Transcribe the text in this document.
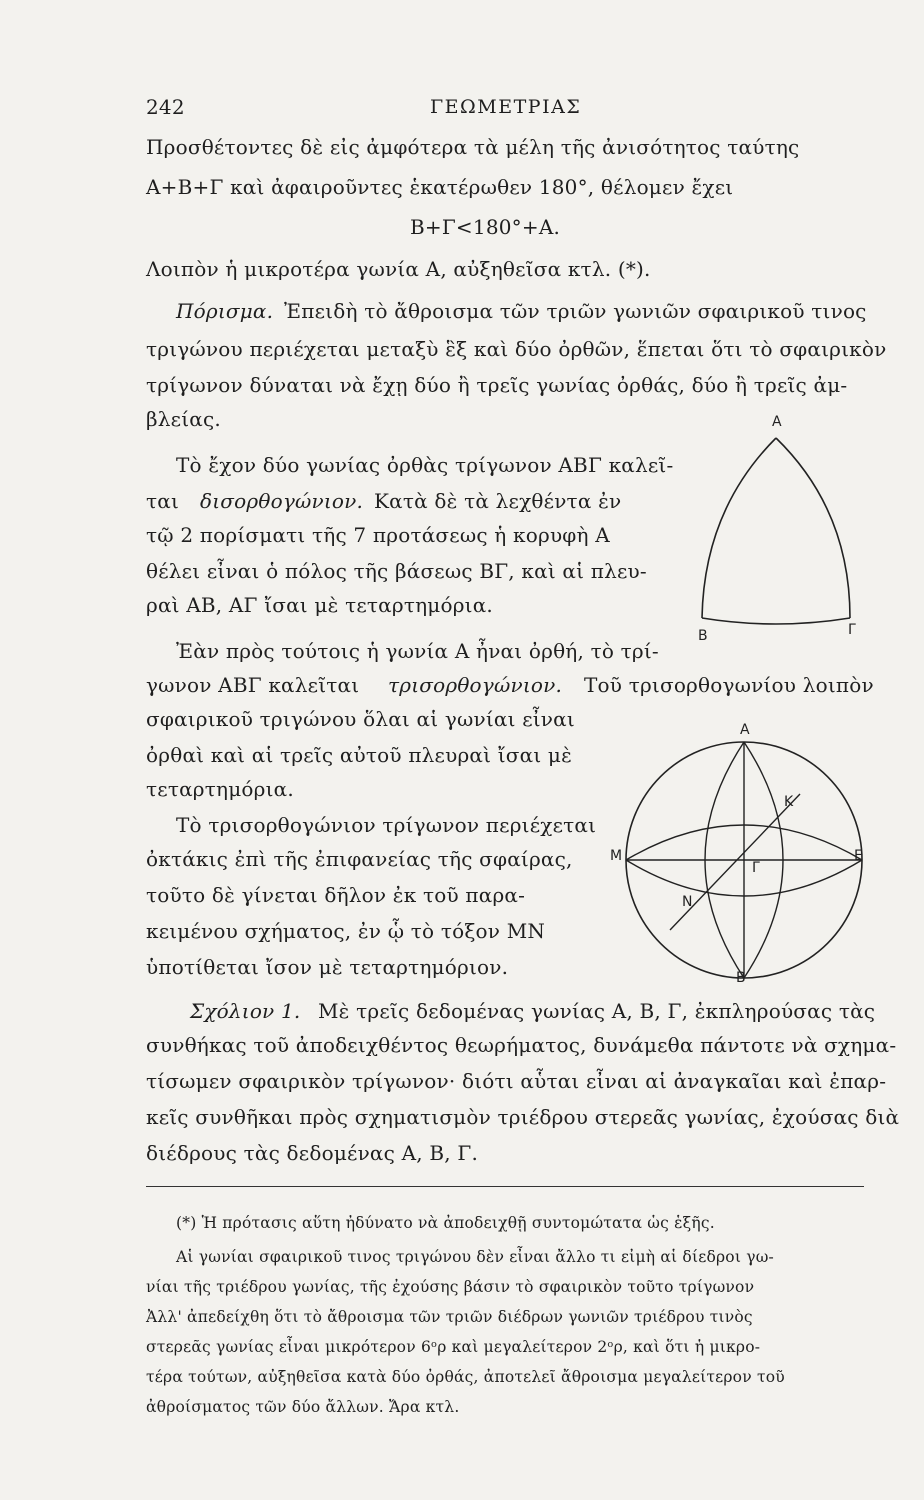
242	ΓΕΩΜΕΤΡΙΑΣ
Προσθέτοντες δὲ εἰς ἀμφότερα τὰ μέλη τῆς ἀνισότητος ταύτης
Α+Β+Γ καὶ ἀφαιροῦντες ἑκατέρωθεν 180°, θέλομεν ἔχει
Β+Γ<180°+Α.
Λοιπὸν ἡ μικροτέρα γωνία Α, αὐξηθεῖσα κτλ. (*).
Πόρισμα. Ἐπειδὴ τὸ ἄθροισμα τῶν τριῶν γωνιῶν σφαιρικοῦ τινος
τριγώνου περιέχεται μεταξὺ ἓξ καὶ δύο ὀρθῶν, ἕπεται ὅτι τὸ σφαιρικὸν
τρίγωνον δύναται νὰ ἔχῃ δύο ἢ τρεῖς γωνίας ὀρθάς, δύο ἢ τρεῖς ἀμ-
βλείας.
Τὸ ἔχον δύο γωνίας ὀρθὰς τρίγωνον ΑΒΓ καλεῖ-
ται δισορθογώνιον. Κατὰ δὲ τὰ λεχθέντα ἐν
τῷ 2 πορίσματι τῆς 7 προτάσεως ἡ κορυφὴ Α
θέλει εἶναι ὁ πόλος τῆς βάσεως ΒΓ, καὶ αἱ πλευ-
ραὶ ΑΒ, ΑΓ ἴσαι μὲ τεταρτημόρια.
Ἐὰν πρὸς τούτοις ἡ γωνία Α ἦναι ὀρθή, τὸ τρί-
γωνον ΑΒΓ καλεῖται τρισορθογώνιον. Τοῦ τρισορθογωνίου λοιπὸν
σφαιρικοῦ τριγώνου ὅλαι αἱ γωνίαι εἶναι
ὀρθαὶ καὶ αἱ τρεῖς αὐτοῦ πλευραὶ ἴσαι μὲ
τεταρτημόρια.
Τὸ τρισορθογώνιον τρίγωνον περιέχεται
ὀκτάκις ἐπὶ τῆς ἐπιφανείας τῆς σφαίρας,
τοῦτο δὲ γίνεται δῆλον ἐκ τοῦ παρα-
κειμένου σχήματος, ἐν ᾧ τὸ τόξον ΜΝ
ὑποτίθεται ἴσον μὲ τεταρτημόριον.
Σχόλιον 1. Μὲ τρεῖς δεδομένας γωνίας Α, Β, Γ, ἐκπληρούσας τὰς
συνθήκας τοῦ ἀποδειχθέντος θεωρήματος, δυνάμεθα πάντοτε νὰ σχημα-
τίσωμεν σφαιρικὸν τρίγωνον· διότι αὗται εἶναι αἱ ἀναγκαῖαι καὶ ἐπαρ-
κεῖς συνθῆκαι πρὸς σχηματισμὸν τριέδρου στερεᾶς γωνίας, ἐχούσας διὰ
διέδρους τὰς δεδομένας Α, Β, Γ.
(*) Ἡ πρότασις αὕτη ἠδύνατο νὰ ἀποδειχθῇ συντομώτατα ὡς ἑξῆς.
Αἱ γωνίαι σφαιρικοῦ τινος τριγώνου δὲν εἶναι ἄλλο τι εἰμὴ αἱ δίεδροι γω-
νίαι τῆς τριέδρου γωνίας, τῆς ἐχούσης βάσιν τὸ σφαιρικὸν τοῦτο τρίγωνον
Ἀλλ' ἀπεδείχθη ὅτι τὸ ἄθροισμα τῶν τριῶν διέδρων γωνιῶν τριέδρου τινὸς
στερεᾶς γωνίας εἶναι μικρότερον 6ᵒρ καὶ μεγαλείτερον 2ᵒρ, καὶ ὅτι ἡ μικρο-
τέρα τούτων, αὐξηθεῖσα κατὰ δύο ὀρθάς, ἀποτελεῖ ἄθροισμα μεγαλείτερον τοῦ
ἀθροίσματος τῶν δύο ἄλλων. Ἄρα κτλ.
Α
Β	Γ
Α
Β
Γ
Κ
Μ
Ν
Ε
